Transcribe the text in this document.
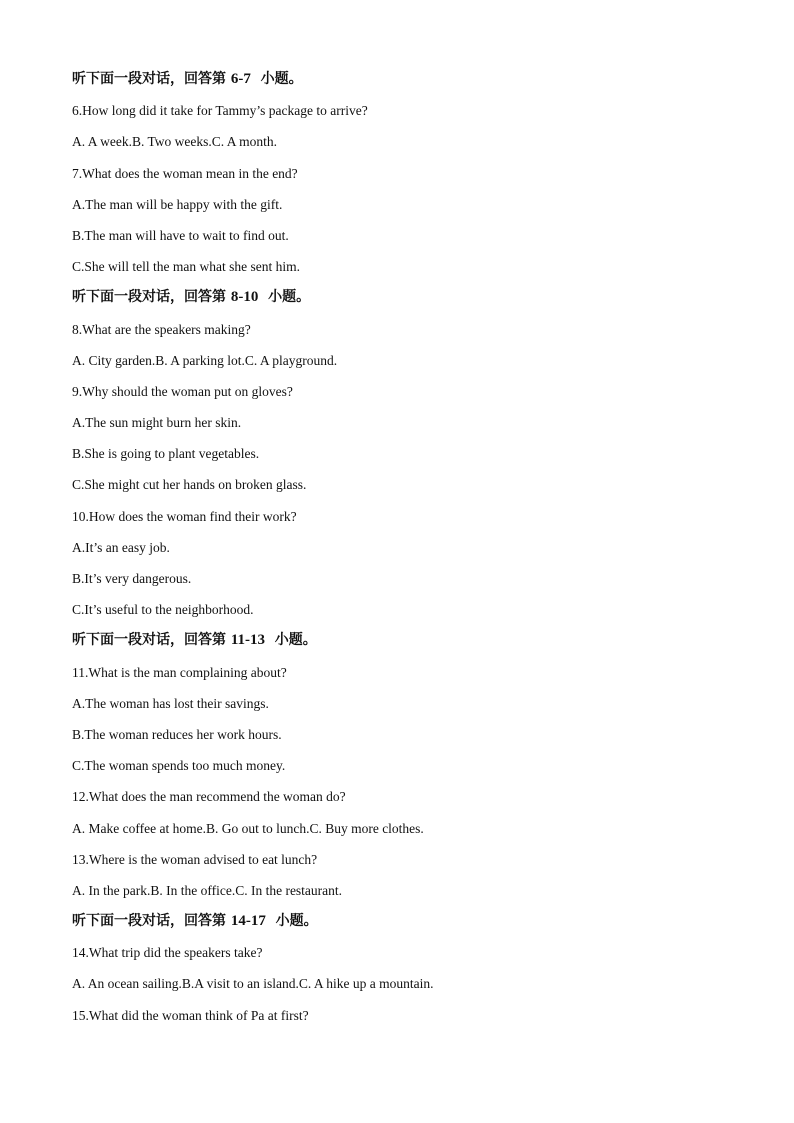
听下面一段对话，回答第 6-7 小题。
6.How long did it take for Tammy’s package to arrive?
A. A week.B. Two weeks.C. A month.
7.What does the woman mean in the end?
A.The man will be happy with the gift.
B.The man will have to wait to find out.
C.She will tell the man what she sent him.
听下面一段对话，回答第 8-10 小题。
8.What are the speakers making?
A. City garden.B. A parking lot.C. A playground.
9.Why should the woman put on gloves?
A.The sun might burn her skin.
B.She is going to plant vegetables.
C.She might cut her hands on broken glass.
10.How does the woman find their work?
A.It’s an easy job.
B.It’s very dangerous.
C.It’s useful to the neighborhood.
听下面一段对话，回答第 11-13 小题。
11.What is the man complaining about?
A.The woman has lost their savings.
B.The woman reduces her work hours.
C.The woman spends too much money.
12.What does the man recommend the woman do?
A. Make coffee at home.B. Go out to lunch.C. Buy more clothes.
13.Where is the woman advised to eat lunch?
A. In the park.B. In the office.C. In the restaurant.
听下面一段对话，回答第 14-17 小题。
14.What trip did the speakers take?
A. An ocean sailing.B.A visit to an island.C. A hike up a mountain.
15.What did the woman think of Pa at first?
